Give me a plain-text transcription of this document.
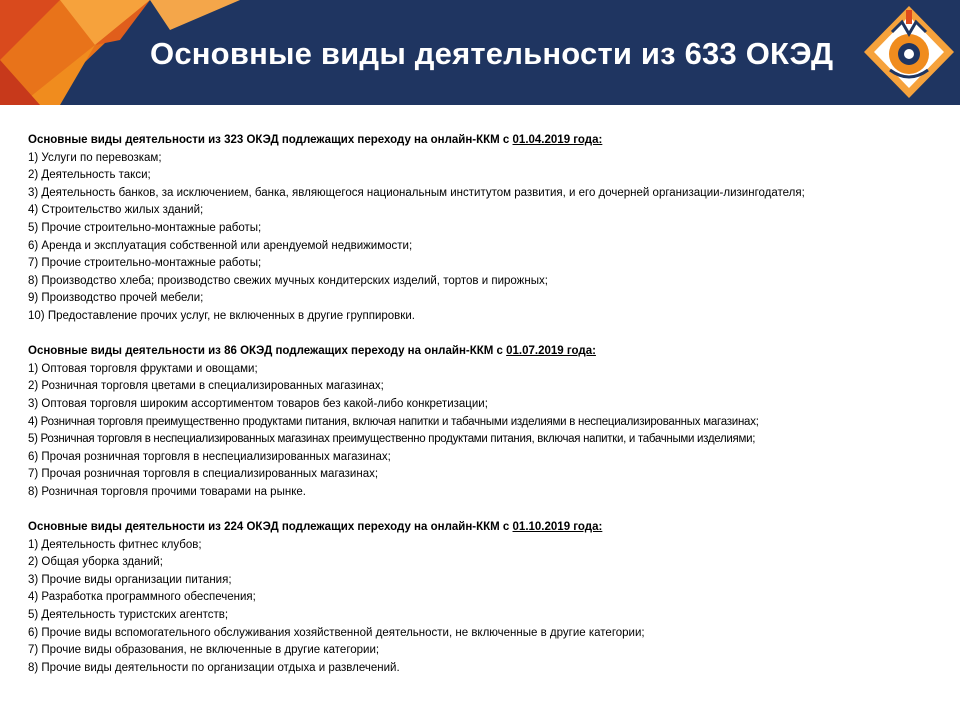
Основные виды деятельности из 633 ОКЭД
Основные виды деятельности из 323 ОКЭД подлежащих переходу на онлайн-ККМ с 01.04.2019 года:
1) Услуги по перевозкам;
2) Деятельность такси;
3) Деятельность банков, за исключением, банка, являющегося национальным институтом развития, и его дочерней организации-лизингодателя;
4) Строительство жилых зданий;
5) Прочие строительно-монтажные работы;
6) Аренда и эксплуатация собственной или арендуемой недвижимости;
7) Прочие строительно-монтажные работы;
8) Производство хлеба; производство свежих мучных кондитерских изделий, тортов и пирожных;
9) Производство прочей мебели;
10) Предоставление прочих услуг, не включенных в другие группировки.
Основные виды деятельности из 86 ОКЭД подлежащих переходу на онлайн-ККМ с 01.07.2019 года:
1) Оптовая торговля фруктами и овощами;
2) Розничная торговля цветами в специализированных магазинах;
3) Оптовая торговля широким ассортиментом товаров без какой-либо конкретизации;
4) Розничная торговля преимущественно продуктами питания, включая напитки и табачными изделиями в неспециализированных магазинах;
5) Розничная торговля в неспециализированных магазинах преимущественно продуктами питания, включая напитки, и табачными изделиями;
6) Прочая розничная торговля в неспециализированных магазинах;
7) Прочая розничная торговля в специализированных магазинах;
8) Розничная торговля прочими товарами на рынке.
Основные виды деятельности из 224 ОКЭД подлежащих переходу на онлайн-ККМ с 01.10.2019 года:
1) Деятельность фитнес клубов;
2) Общая уборка зданий;
3) Прочие виды организации питания;
4) Разработка программного обеспечения;
5) Деятельность туристских агентств;
6) Прочие виды вспомогательного обслуживания хозяйственной деятельности, не включенные в другие категории;
7) Прочие виды образования, не включенные в другие категории;
8) Прочие виды деятельности по организации отдыха и развлечений.
